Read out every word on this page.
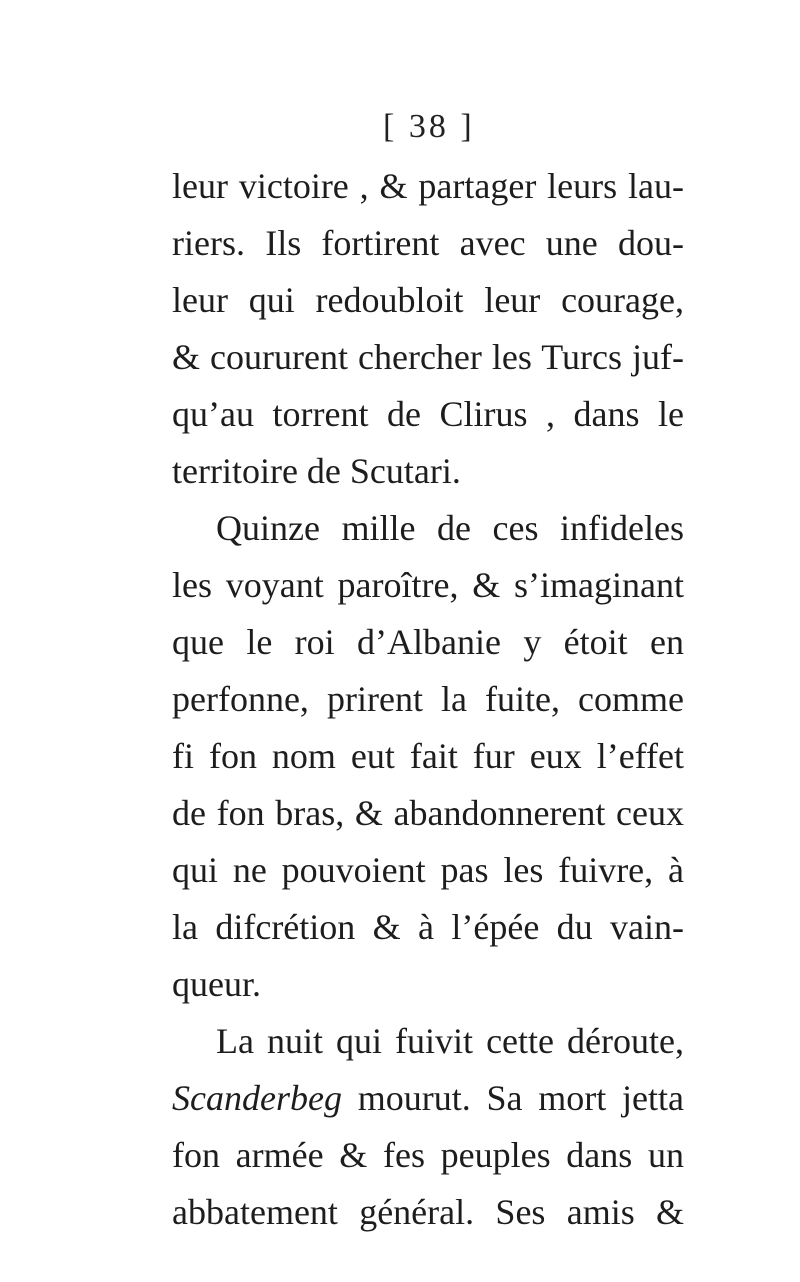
[ 38 ]
leur victoire , & partager leurs lau-
riers. Ils fortirent avec une dou-
leur qui redoubloit leur courage,
& coururent chercher les Turcs juf-
qu’au torrent de Clirus , dans le
territoire de Scutari.
Quinze mille de ces infideles
les voyant paroître, & s’imaginant
que le roi d’Albanie y étoit en
perfonne, prirent la fuite, comme
fi fon nom eut fait fur eux l’effet
de fon bras, & abandonnerent ceux
qui ne pouvoient pas les fuivre, à
la difcrétion & à l’épée du vain-
queur.
La nuit qui fuivit cette déroute,
Scanderbeg mourut. Sa mort jetta
fon armée & fes peuples dans un
abbatement général. Ses amis &
